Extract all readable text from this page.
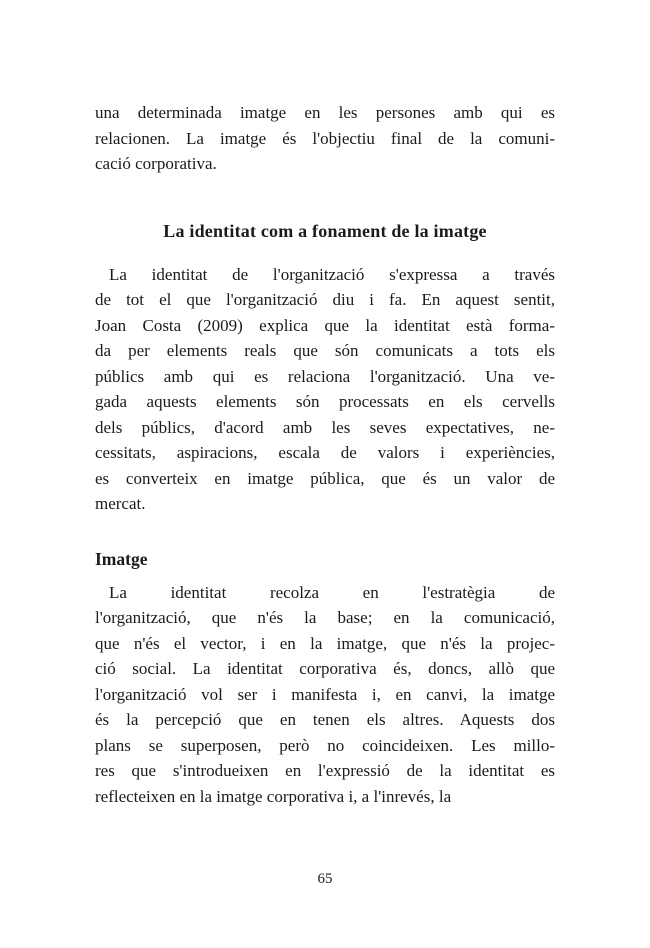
una determinada imatge en les persones amb qui es
relacionen. La imatge és l'objectiu final de la comuni-
cació corporativa.
La identitat com a fonament de la imatge
La identitat de l'organització s'expressa a través
de tot el que l'organització diu i fa. En aquest sentit,
Joan Costa (2009) explica que la identitat està forma-
da per elements reals que són comunicats a tots els
públics amb qui es relaciona l'organització. Una ve-
gada aquests elements són processats en els cervells
dels públics, d'acord amb les seves expectatives, ne-
cessitats, aspiracions, escala de valors i experiències,
es converteix en imatge pública, que és un valor de
mercat.
Imatge
La identitat recolza en l'estratègia de
l'organització, que n'és la base; en la comunicació,
que n'és el vector, i en la imatge, que n'és la projec-
ció social. La identitat corporativa és, doncs, allò que
l'organització vol ser i manifesta i, en canvi, la imatge
és la percepció que en tenen els altres. Aquests dos
plans se superposen, però no coincideixen. Les millo-
res que s'introdueixen en l'expressió de la identitat es
reflecteixen en la imatge corporativa i, a l'inrevés, la
65
